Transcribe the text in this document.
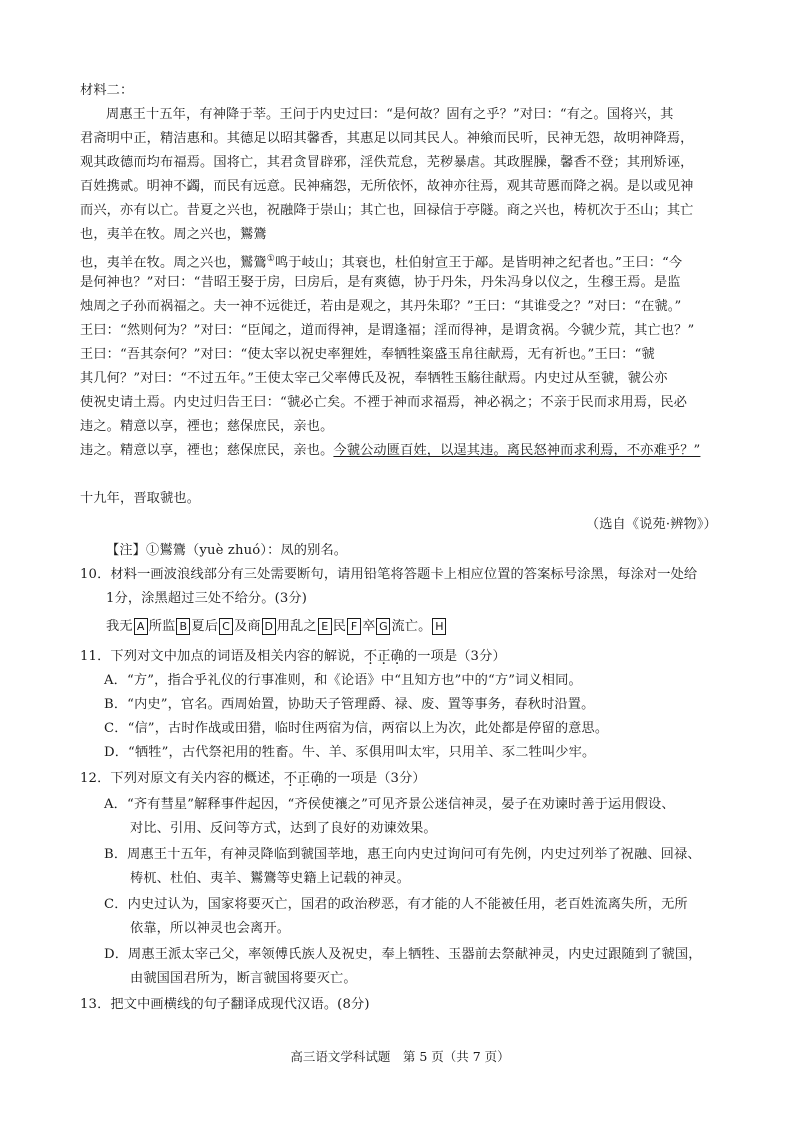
材料二：
周惠王十五年，有神降于莘。王问于内史过曰：“是何故？固有之乎？”对曰：“有之。国将兴，其
君斋明中正，精洁惠和。其德足以昭其馨香，其惠足以同其民人。神飨而民听，民神无怨，故明神降焉，
观其政德而均布福焉。国将亡，其君贪冒辟邪，淫佚荒怠，芜秽暴虐。其政腥臊，馨香不登；其刑矫诬，
百姓携贰。明神不蠲，而民有远意。民神痛怨，无所依怀，故神亦往焉，观其苛慝而降之祸。是以或见神
而兴，亦有以亡。昔夏之兴也，祝融降于崇山；其亡也，回禄信于亭隧。商之兴也，梼杌次于丕山；其亡
也，夷羊在牧。周之兴也，鸑鷟
也，夷羊在牧。周之兴也，鸑鷟①鸣于岐山；其衰也，杜伯射宣王于鄗。是皆明神之纪者也。”王曰：“今
是何神也？”对曰：“昔昭王娶于房，曰房后，是有爽德，协于丹朱，丹朱冯身以仪之，生穆王焉。是监
烛周之子孙而祸福之。夫一神不远徙迁，若由是观之，其丹朱耶？”王曰：“其谁受之？”对曰：“在虢。”
王曰：“然则何为？”对曰：“臣闻之，道而得神，是谓逢福；淫而得神，是谓贪祸。今虢少荒，其亡也？”
王曰：“吾其奈何？”对曰：“使太宰以祝史率狸姓，奉牺牲粢盛玉帛往献焉，无有祈也。”王曰：“虢
其几何？”对曰：“不过五年。”王使太宰己父率傅氏及祝，奉牺牲玉觞往献焉。内史过从至虢，虢公亦
使祝史请土焉。内史过归告王曰：“虢必亡矣。不禋于神而求福焉，神必祸之；不亲于民而求用焉，民必
违之。精意以享，禋也；慈保庶民，亲也。
违之。精意以享，禋也；慈保庶民，亲也。今虢公动匮百姓，以逞其违。离民怒神而求利焉，不亦难乎？”
十九年，晋取虢也。
（选自《说苑·辨物》）
【注】①鸑鷟（yuè zhuó）：凤的别名。
10．材料一画波浪线部分有三处需要断句，请用铅笔将答题卡上相应位置的答案标号涂黑，每涂对一处给
1分，涂黑超过三处不给分。(3分)
我无 A 所监 B 夏后 C 及商 D 用乱之 E 民 F 卒 G 流亡。 H
11．下列对文中加点的词语及相关内容的解说，不正确的一项是（3分）
A．“方”，指合乎礼仪的行事准则，和《论语》中“且知方也”中的“方”词义相同。
B．“内史”，官名。西周始置，协助天子管理爵、禄、废、置等事务，春秋时沿置。
C．“信”，古时作战或田猎，临时住两宿为信，两宿以上为次，此处都是停留的意思。
D．“牺牲”，古代祭祀用的牲畜。牛、羊、豕俱用叫太牢，只用羊、豕二牲叫少牢。
12．下列对原文有关内容的概述，不正确的一项是（3分）
A．“齐有彗星”解释事件起因，“齐侯使禳之”可见齐景公迷信神灵，晏子在劝谏时善于运用假设、
对比、引用、反问等方式，达到了良好的劝谏效果。
B．周惠王十五年，有神灵降临到虢国莘地，惠王向内史过询问可有先例，内史过列举了祝融、回禄、
梼杌、杜伯、夷羊、鸑鷟等史籍上记载的神灵。
C．内史过认为，国家将要灭亡，国君的政治秽恶，有才能的人不能被任用，老百姓流离失所，无所
依靠，所以神灵也会离开。
D．周惠王派太宰己父，率领傅氏族人及祝史，奉上牺牲、玉器前去祭献神灵，内史过跟随到了虢国，
由虢国国君所为，断言虢国将要灭亡。
13．把文中画横线的句子翻译成现代汉语。(8分)
高三语文学科试题　第 5 页（共 7 页）
